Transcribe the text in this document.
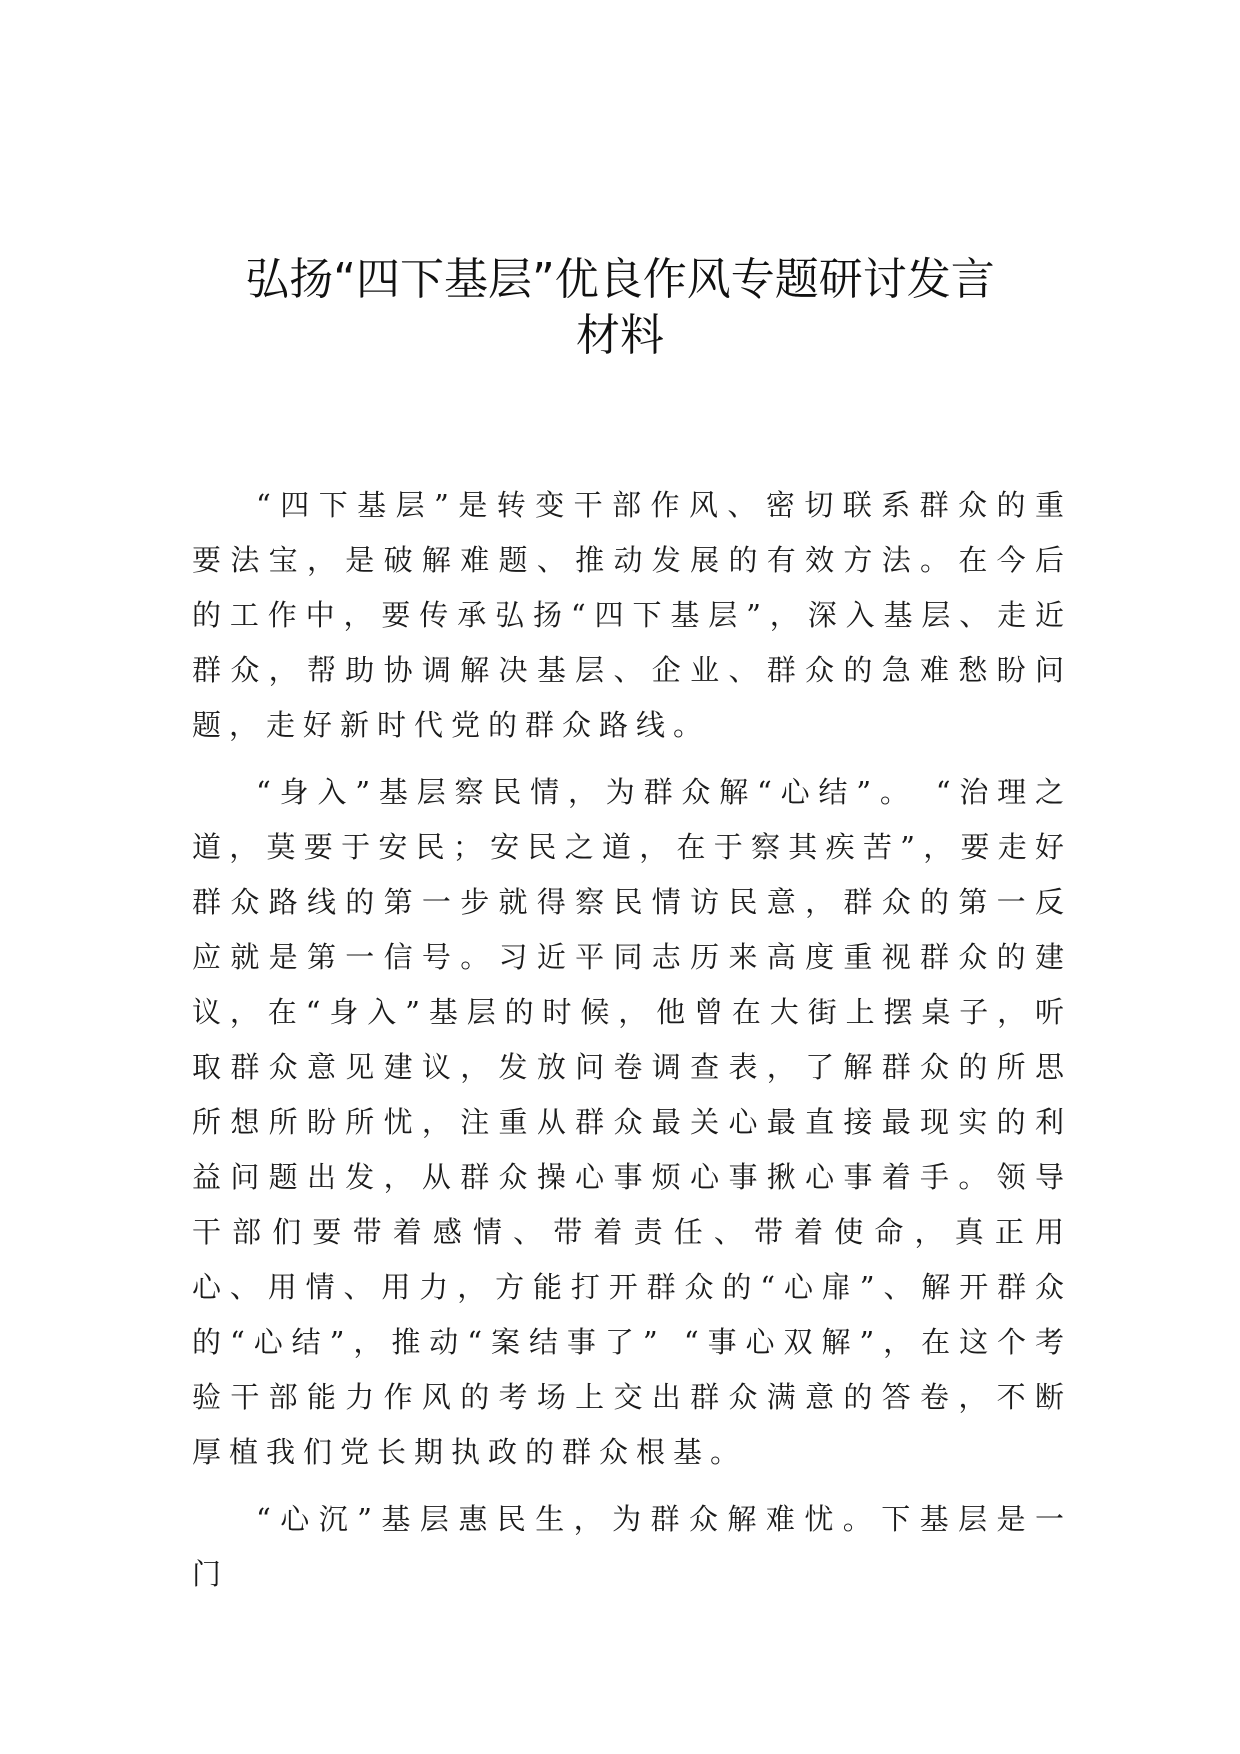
弘扬“四下基层”优良作风专题研讨发言
材料

“四下基层”是转变干部作风、密切联系群众的重要法宝，是破解难题、推动发展的有效方法。在今后的工作中，要传承弘扬“四下基层”，深入基层、走近群众，帮助协调解决基层、企业、群众的急难愁盼问题，走好新时代党的群众路线。

“身入”基层察民情，为群众解“心结”。 “治理之道，莫要于安民；安民之道，在于察其疾苦”，要走好群众路线的第一步就得察民情访民意，群众的第一反应就是第一信号。习近平同志历来高度重视群众的建议，在“身入”基层的时候，他曾在大街上摆桌子，听取群众意见建议，发放问卷调查表，了解群众的所思所想所盼所忧，注重从群众最关心最直接最现实的利益问题出发，从群众操心事烦心事揪心事着手。领导干部们要带着感情、带着责任、带着使命，真正用心、用情、用力，方能打开群众的“心扉”、解开群众的“心结”，推动“案结事了” “事心双解”，在这个考验干部能力作风的考场上交出群众满意的答卷，不断厚植我们党长期执政的群众根基。

“心沉”基层惠民生，为群众解难忧。下基层是一门
